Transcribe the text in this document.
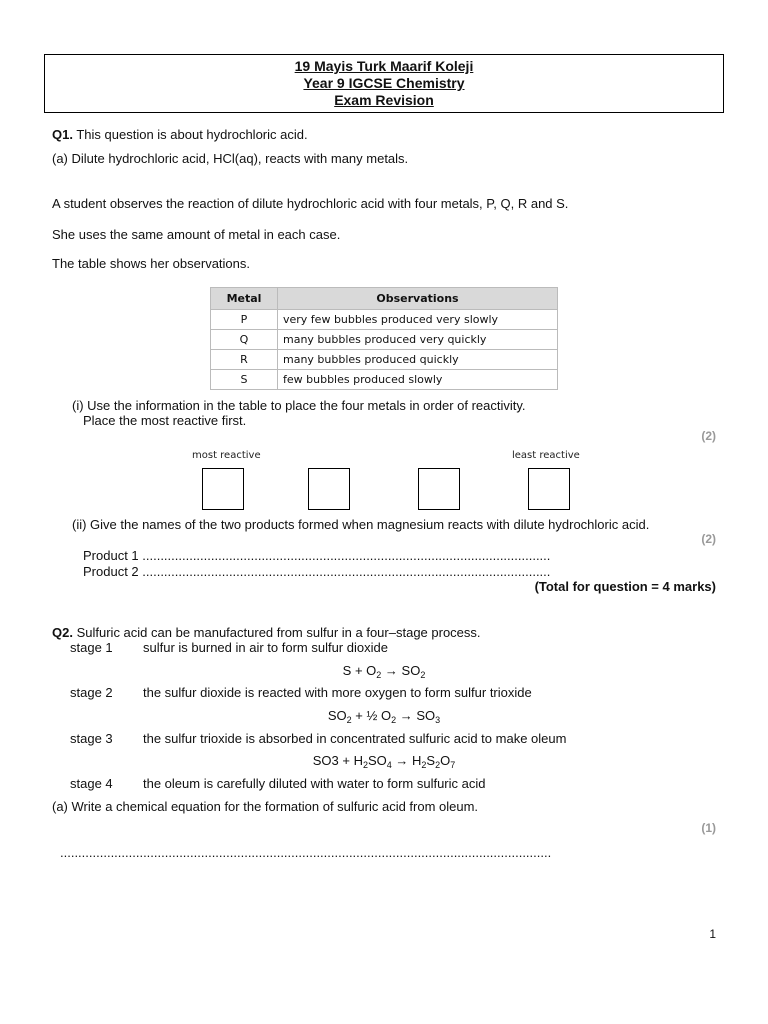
19 Mayis Turk Maarif Koleji
Year 9 IGCSE Chemistry
Exam Revision
Q1. This question is about hydrochloric acid.
(a) Dilute hydrochloric acid, HCl(aq), reacts with many metals.
A student observes the reaction of dilute hydrochloric acid with four metals, P, Q, R and S.
She uses the same amount of metal in each case.
The table shows her observations.
Metal	Observations
P	very few bubbles produced very slowly
Q	many bubbles produced very quickly
R	many bubbles produced quickly
S	few bubbles produced slowly
(i) Use the information in the table to place the four metals in order of reactivity.
Place the most reactive first.
(2)
most reactive	least reactive
(ii) Give the names of the two products formed when magnesium reacts with dilute hydrochloric acid.
(2)
Product 1 .................................................................................................................
Product 2 .................................................................................................................
(Total for question = 4 marks)
Q2. Sulfuric acid can be manufactured from sulfur in a four–stage process.
stage 1 sulfur is burned in air to form sulfur dioxide
$S + O_2 \to SO_2$
stage 2 the sulfur dioxide is reacted with more oxygen to form sulfur trioxide
$SO_2$ + ½ $O_2 \to SO_3$
stage 3 the sulfur trioxide is absorbed in concentrated sulfuric acid to make oleum
$SO3 + H_2SO_4 \to H_2S_2O_7$
stage 4 the oleum is carefully diluted with water to form sulfuric acid
(a) Write a chemical equation for the formation of sulfuric acid from oleum.
(1)
........................................................................................................................................
1
